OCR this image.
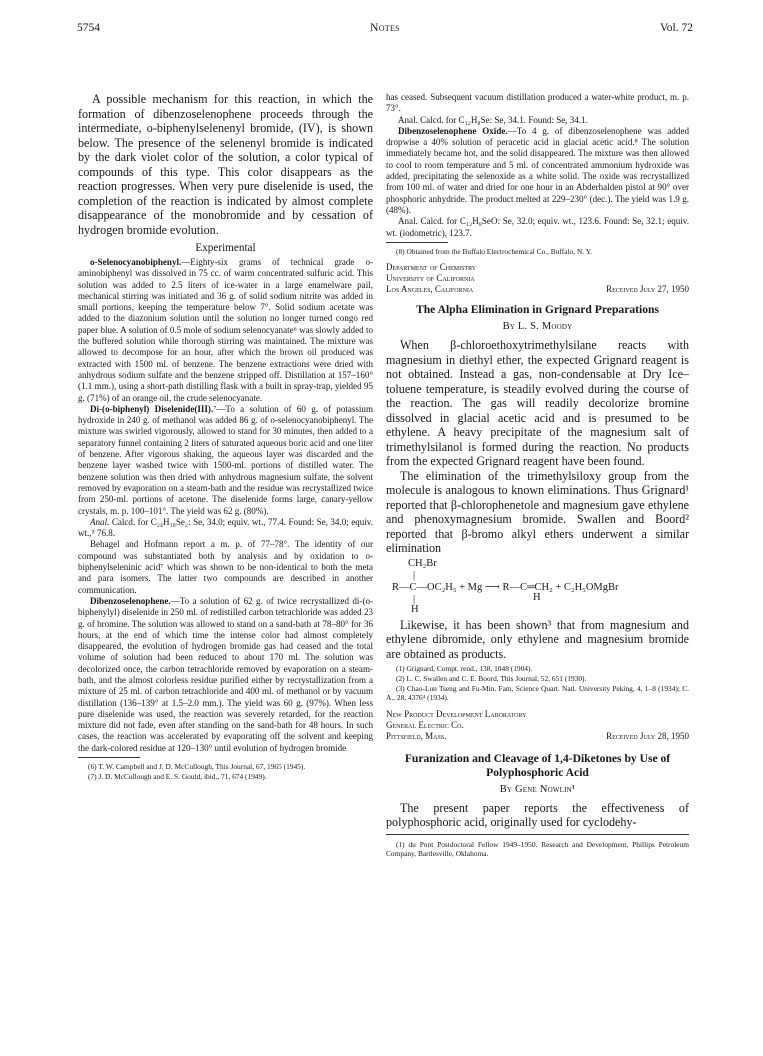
5754	Notes	Vol. 72

A possible mechanism for this reaction, in which the formation of dibenzoselenophene proceeds through the intermediate, o-biphenylselenenyl bromide, (IV), is shown below. The presence of the selenenyl bromide is indicated by the dark violet color of the solution, a color typical of compounds of this type. This color disappears as the reaction progresses. When very pure diselenide is used, the completion of the reaction is indicated by almost complete disappearance of the monobromide and by cessation of hydrogen bromide evolution.

Experimental

o-Selenocyanobiphenyl.—Eighty-six grams of technical grade o-aminobiphenyl was dissolved in 75 cc. of warm concentrated sulfuric acid. This solution was added to 2.5 liters of ice-water in a large enamelware pail, mechanical stirring was initiated and 36 g. of solid sodium nitrite was added in small portions, keeping the temperature below 7°. Solid sodium acetate was added to the diazonium solution until the solution no longer turned congo red paper blue. A solution of 0.5 mole of sodium selenocyanate⁶ was slowly added to the buffered solution while thorough stirring was maintained. The mixture was allowed to decompose for an hour, after which the brown oil produced was extracted with 1500 ml. of benzene. The benzene extractions were dried with anhydrous sodium sulfate and the benzene stripped off. Distillation at 157–160° (1.1 mm.), using a short-path distilling flask with a built in spray-trap, yielded 95 g. (71%) of an orange oil, the crude selenocyanate.

Di-(o-biphenyl) Diselenide(III).⁷—To a solution of 60 g. of potassium hydroxide in 240 g. of methanol was added 86 g. of o-selenocyanobiphenyl. The mixture was swirled vigorously, allowed to stand for 30 minutes, then added to a separatory funnel containing 2 liters of saturated aqueous boric acid and one liter of benzene. After vigorous shaking, the aqueous layer was discarded and the benzene layer washed twice with 1500-ml. portions of distilled water. The benzene solution was then dried with anhydrous magnesium sulfate, the solvent removed by evaporation on a steam-bath and the residue was recrystallized twice from 250-ml. portions of acetone. The diselenide forms large, canary-yellow crystals, m. p. 100–101°. The yield was 62 g. (80%).

Anal. Calcd. for C₂₄H₁₈Se₂: Se, 34.0; equiv. wt., 77.4. Found: Se, 34.0; equiv. wt.,⁵ 76.8.

Behagel and Hofmann report a m. p. of 77–78°. The identity of our compound was substantiated both by analysis and by oxidation to o-biphenylseleninic acid⁷ which was shown to be non-identical to both the meta and para isomers. The latter two compounds are described in another communication.

Dibenzoselenophene.—To a solution of 62 g. of twice recrystallized di-(o-biphenylyl) diselenide in 250 ml. of redistilled carbon tetrachloride was added 23 g. of bromine. The solution was allowed to stand on a sand-bath at 78–80° for 36 hours, at the end of which time the intense color had almost completely disappeared, the evolution of hydrogen bromide gas had ceased and the total volume of solution had been reduced to about 170 ml. The solution was decolorized once, the carbon tetrachloride removed by evaporation on a steam-bath, and the almost colorless residue purified either by recrystallization from a mixture of 25 ml. of carbon tetrachloride and 400 ml. of methanol or by vacuum distillation (136–139° at 1.5–2.0 mm.). The yield was 60 g. (97%). When less pure diselenide was used, the reaction was severely retarded, for the reaction mixture did not fade, even after standing on the sand-bath for 48 hours. In such cases, the reaction was accelerated by evaporating off the solvent and keeping the dark-colored residue at 120–130° until evolution of hydrogen bromide

(6) T. W. Campbell and J. D. McCullough, This Journal, 67, 1965 (1945).

(7) J. D. McCullough and E. S. Gould, ibid., 71, 674 (1949).

has ceased. Subsequent vacuum distillation produced a water-white product, m. p. 73°.

Anal. Calcd. for C₁₂H₈Se: Se, 34.1. Found: Se, 34.1.

Dibenzoselenophene Oxide.—To 4 g. of dibenzoselenophene was added dropwise a 40% solution of peracetic acid in glacial acetic acid.⁸ The solution immediately became hot, and the solid disappeared. The mixture was then allowed to cool to room temperature and 5 ml. of concentrated ammonium hydroxide was added, precipitating the selenoxide as a white solid. The oxide was recrystallized from 100 ml. of water and dried for one hour in an Abderhalden pistol at 90° over phosphoric anhydride. The product melted at 229–230° (dec.). The yield was 1.9 g. (48%).

Anal. Calcd. for C₁₂H₈SeO: Se, 32.0; equiv. wt., 123.6. Found: Se, 32.1; equiv. wt. (iodometric), 123.7.

(8) Obtained from the Buffalo Electrochemical Co., Buffalo, N. Y.

Department of Chemistry
University of California
Los Angeles, California	Received July 27, 1950
The Alpha Elimination in Grignard Preparations
By L. S. Moody

When β-chloroethoxytrimethylsilane reacts with magnesium in diethyl ether, the expected Grignard reagent is not obtained. Instead a gas, non-condensable at Dry Ice–toluene temperature, is steadily evolved during the course of the reaction. The gas will readily decolorize bromine dissolved in glacial acetic acid and is presumed to be ethylene. A heavy precipitate of the magnesium salt of trimethylsilanol is formed during the reaction. No products from the expected Grignard reagent have been found.

The elimination of the trimethylsiloxy group from the molecule is analogous to known eliminations. Thus Grignard¹ reported that β-chlorophenetole and magnesium gave ethylene and phenoxymagnesium bromide. Swallen and Boord² reported that β-bromo alkyl ethers underwent a similar elimination

CH₂Br
|
R—C—OC₂H₅ + Mg ⟶ R—C═CH₂ + C₂H₅OMgBr
|
H
H

Likewise, it has been shown³ that from magnesium and ethylene dibromide, only ethylene and magnesium bromide are obtained as products.

(1) Grignard, Compt. rend., 138, 1048 (1904).

(2) L. C. Swallen and C. E. Boord, This Journal, 52, 651 (1930).

(3) Chao-Lun Tseng and Fu-Min. Fam, Science Quart. Natl. University Peking, 4, 1–8 (1934); C. A., 28, 4376⁴ (1934).

New Product Development Laboratory
General Electric Co.
Pittsfield, Mass.	Received July 28, 1950
Furanization and Cleavage of 1,4-Diketones by Use of Polyphosphoric Acid
By Gene Nowlin¹

The present paper reports the effectiveness of polyphosphoric acid, originally used for cyclodehy-

(1) du Pont Postdoctoral Fellow 1949–1950. Research and Development, Phillips Petroleum Company, Bartlesville, Oklahoma.
